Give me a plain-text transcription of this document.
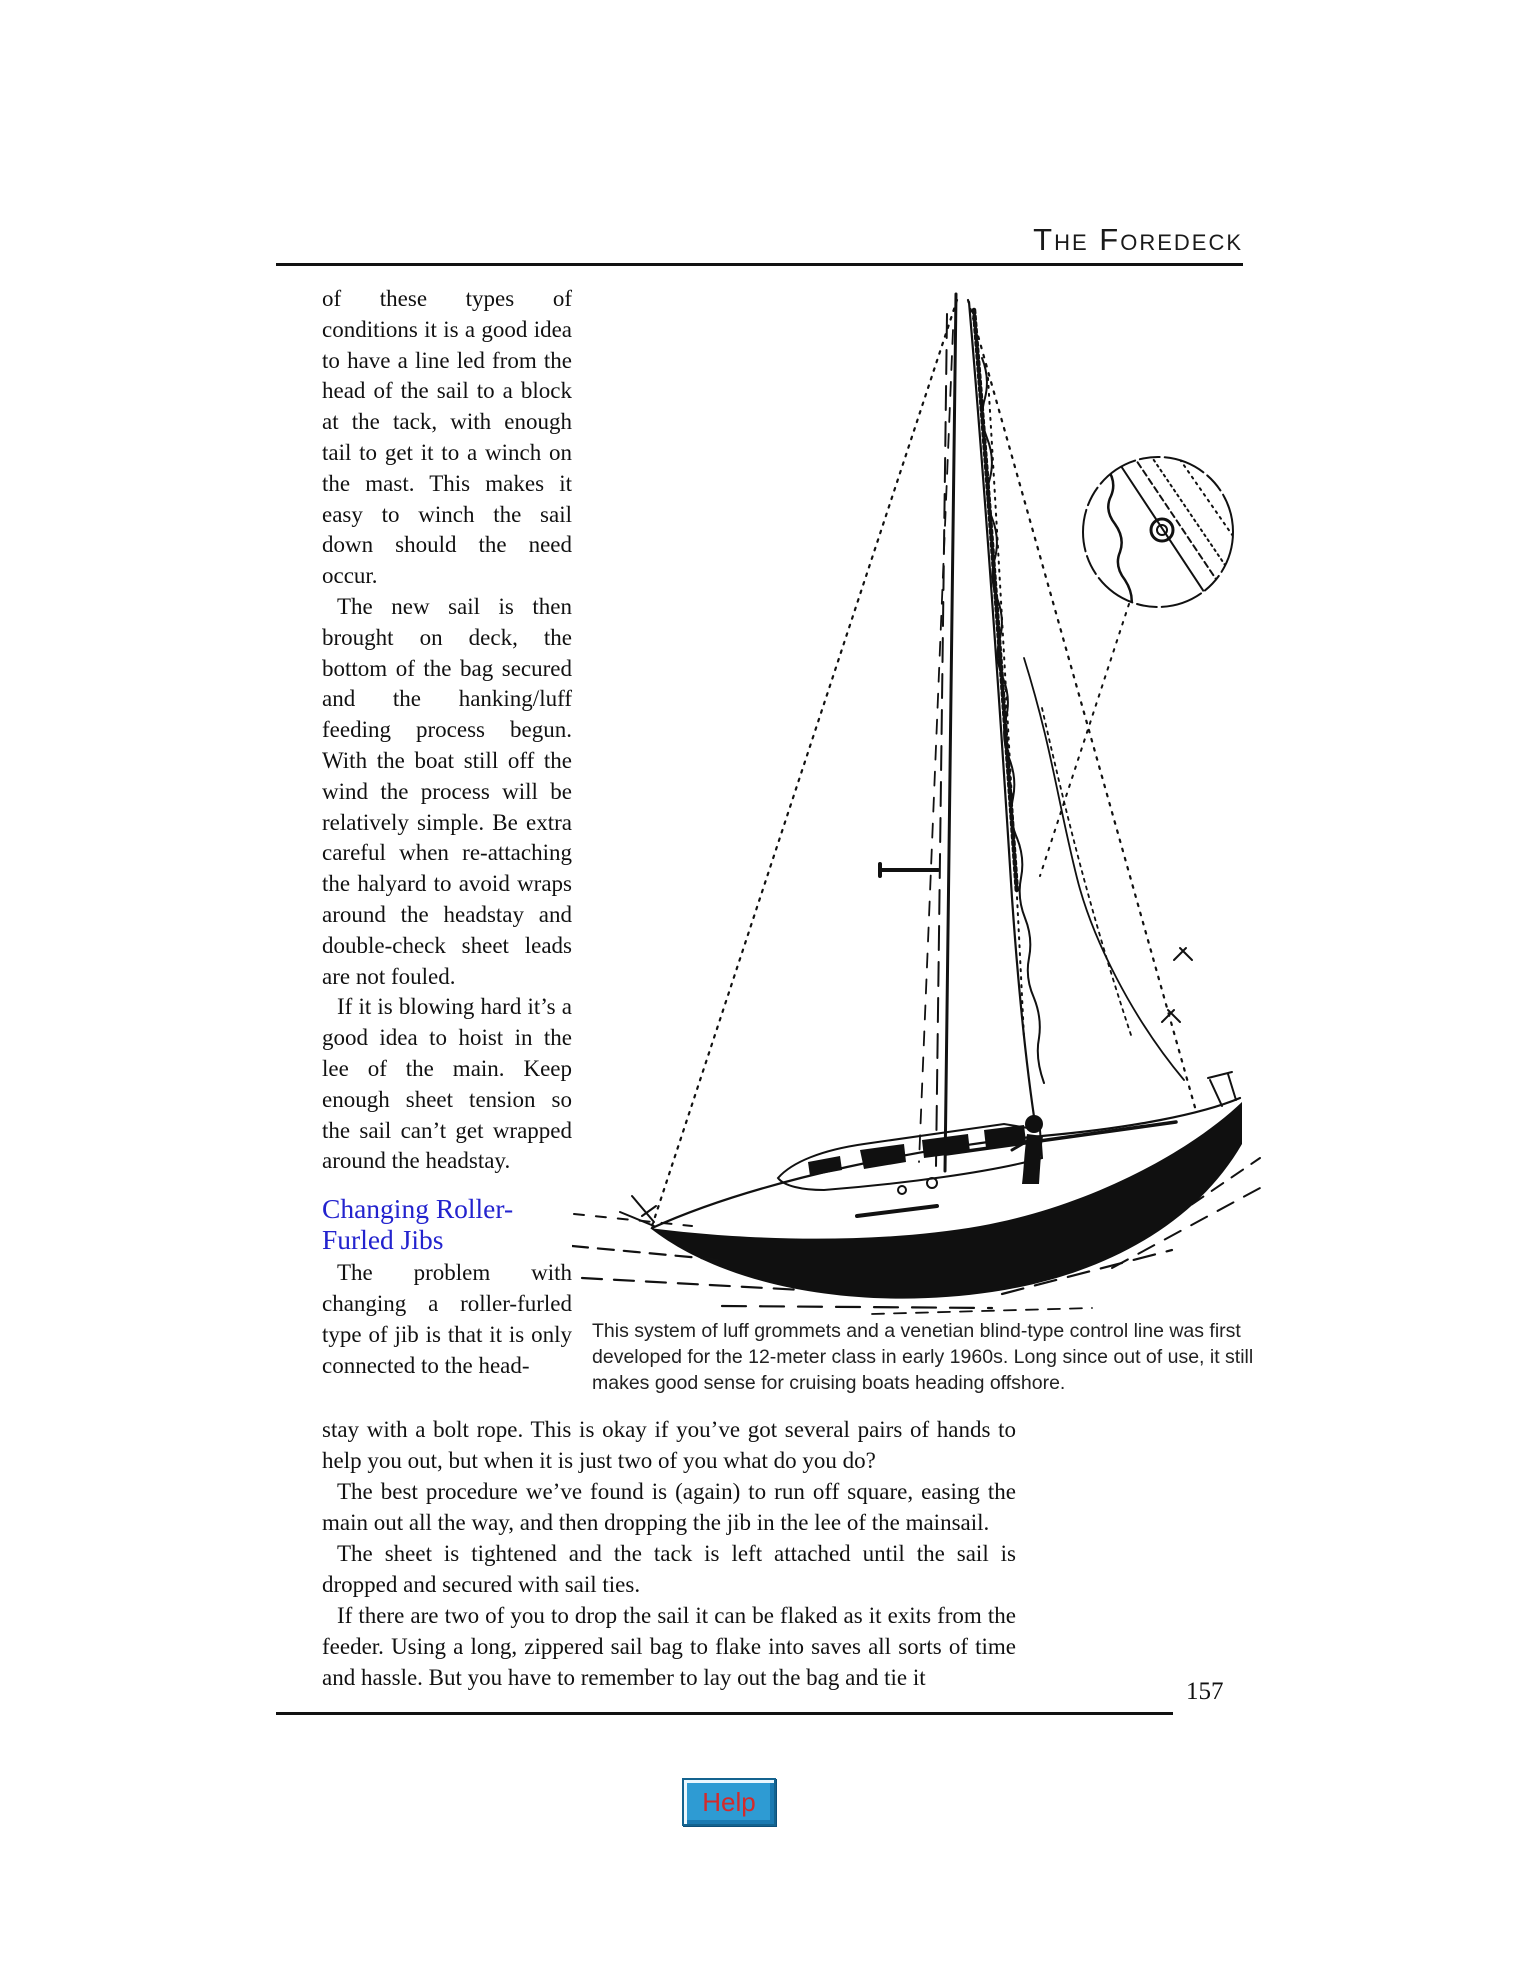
The Foredeck

of these types of conditions it is a good idea to have a line led from the head of the sail to a block at the tack, with enough tail to get it to a winch on the mast. This makes it easy to winch the sail down should the need occur.

The new sail is then brought on deck, the bottom of the bag secured and the hanking/luff feeding process begun. With the boat still off the wind the process will be relatively simple. Be extra careful when re-attaching the halyard to avoid wraps around the headstay and double-check sheet leads are not fouled.

If it is blowing hard it’s a good idea to hoist in the lee of the main. Keep enough sheet tension so the sail can’t get wrapped around the headstay.

Changing Roller-Furled Jibs

The problem with changing a roller-furled type of jib is that it is only connected to the head-

This system of luff grommets and a venetian blind-type control line was first developed for the 12-meter class in early 1960s. Long since out of use, it still makes good sense for cruising boats heading offshore.

stay with a bolt rope. This is okay if you’ve got several pairs of hands to help you out, but when it is just two of you what do you do?

The best procedure we’ve found is (again) to run off square, easing the main out all the way, and then dropping the jib in the lee of the mainsail.

The sheet is tightened and the tack is left attached until the sail is dropped and secured with sail ties.

If there are two of you to drop the sail it can be flaked as it exits from the feeder. Using a long, zippered sail bag to flake into saves all sorts of time and hassle. But you have to remember to lay out the bag and tie it

157
Help
